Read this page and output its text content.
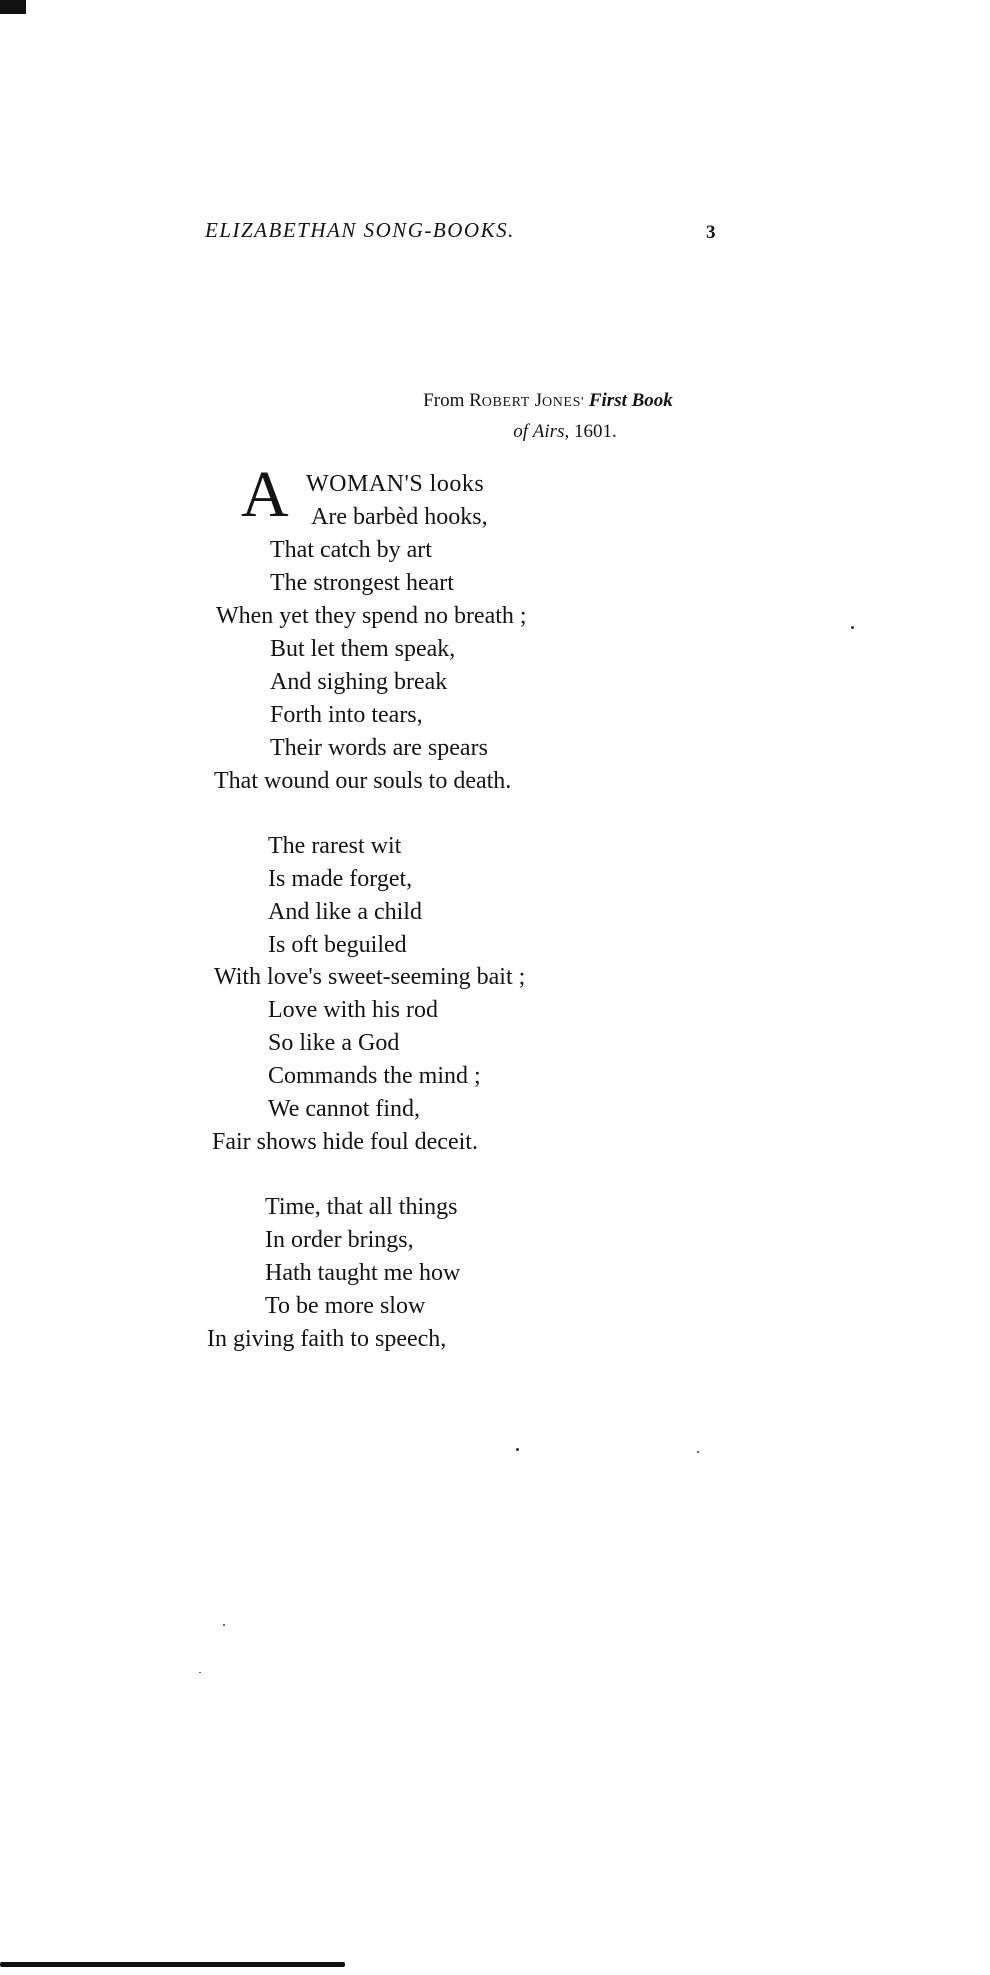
ELIZABETHAN SONG-BOOKS.	3
From ROBERT JONES' First Book
of Airs, 1601.
A WOMAN'S looks
Are barbèd hooks,
That catch by art
The strongest heart
When yet they spend no breath ;
But let them speak,
And sighing break
Forth into tears,
Their words are spears
That wound our souls to death.
The rarest wit
Is made forget,
And like a child
Is oft beguiled
With love's sweet-seeming bait ;
Love with his rod
So like a God
Commands the mind ;
We cannot find,
Fair shows hide foul deceit.
Time, that all things
In order brings,
Hath taught me how
To be more slow
In giving faith to speech,
